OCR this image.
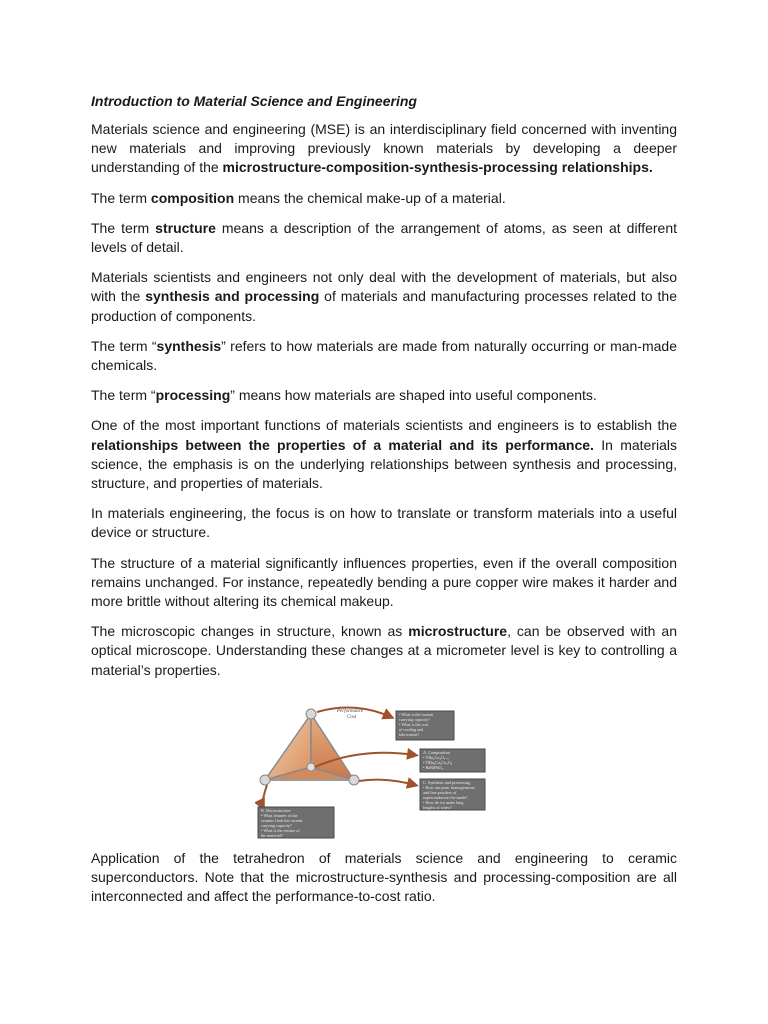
Introduction to Material Science and Engineering

Materials science and engineering (MSE) is an interdisciplinary field concerned with inventing new materials and improving previously known materials by developing a deeper understanding of the microstructure-composition-synthesis-processing relationships.

The term composition means the chemical make-up of a material.

The term structure means a description of the arrangement of atoms, as seen at different levels of detail.

Materials scientists and engineers not only deal with the development of materials, but also with the synthesis and processing of materials and manufacturing processes related to the production of components.

The term “synthesis” refers to how materials are made from naturally occurring or man-made chemicals.

The term “processing” means how materials are shaped into useful components.

One of the most important functions of materials scientists and engineers is to establish the relationships between the properties of a material and its performance. In materials science, the emphasis is on the underlying relationships between synthesis and processing, structure, and properties of materials.

In materials engineering, the focus is on how to translate or transform materials into a useful device or structure.

The structure of a material significantly influences properties, even if the overall composition remains unchanged. For instance, repeatedly bending a pure copper wire makes it harder and more brittle without altering its chemical makeup.

The microscopic changes in structure, known as microstructure, can be observed with an optical microscope. Understanding these changes at a micrometer level is key to controlling a material’s properties.

Performance
Cost
• What is the current carrying capacity? • What is the cost of cooling and fabrication?
A. Composition • YBa₂Cu₃O₇₋ₓ • TlBa₂Ca₂Cu₃O₉ • BaBiPbO₃
C. Synthesis and processing • How can pure, homogeneous, and fine powders of superconductors be made? • How do we make long lengths of wires?
B. Microstructure • What features of the ceramic limit the current carrying capacity? • What is the texture of the material?

Application of the tetrahedron of materials science and engineering to ceramic superconductors. Note that the microstructure-synthesis and processing-composition are all interconnected and affect the performance-to-cost ratio.
